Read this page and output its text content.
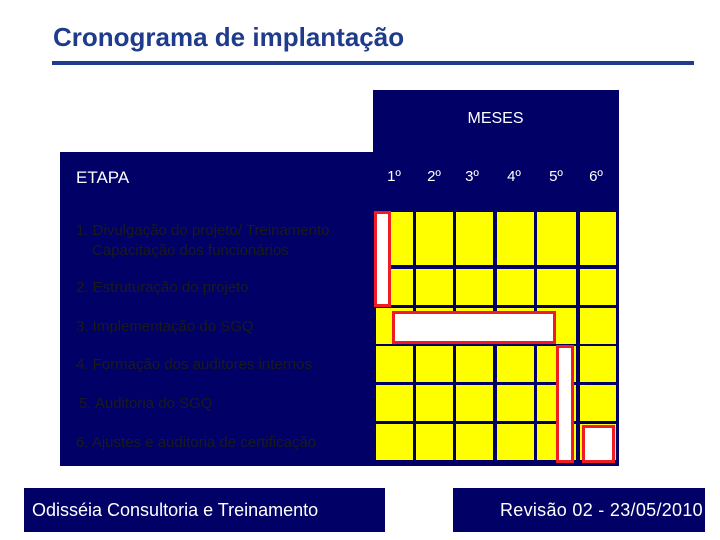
Cronograma de implantação
MESES
ETAPA	1º	2º	3º	4º	5º	6º
1. Divulgação do projeto/ Treinamento
Capacitação dos funcionários
2. Estruturação do projeto
3. Implementação do SGQ
4. Formação dos auditores internos
5. Auditoria do SGQ
6. Ajustes e auditoria de certificação
Odisséia Consultoria e Treinamento	Revisão 02 - 23/05/2010
